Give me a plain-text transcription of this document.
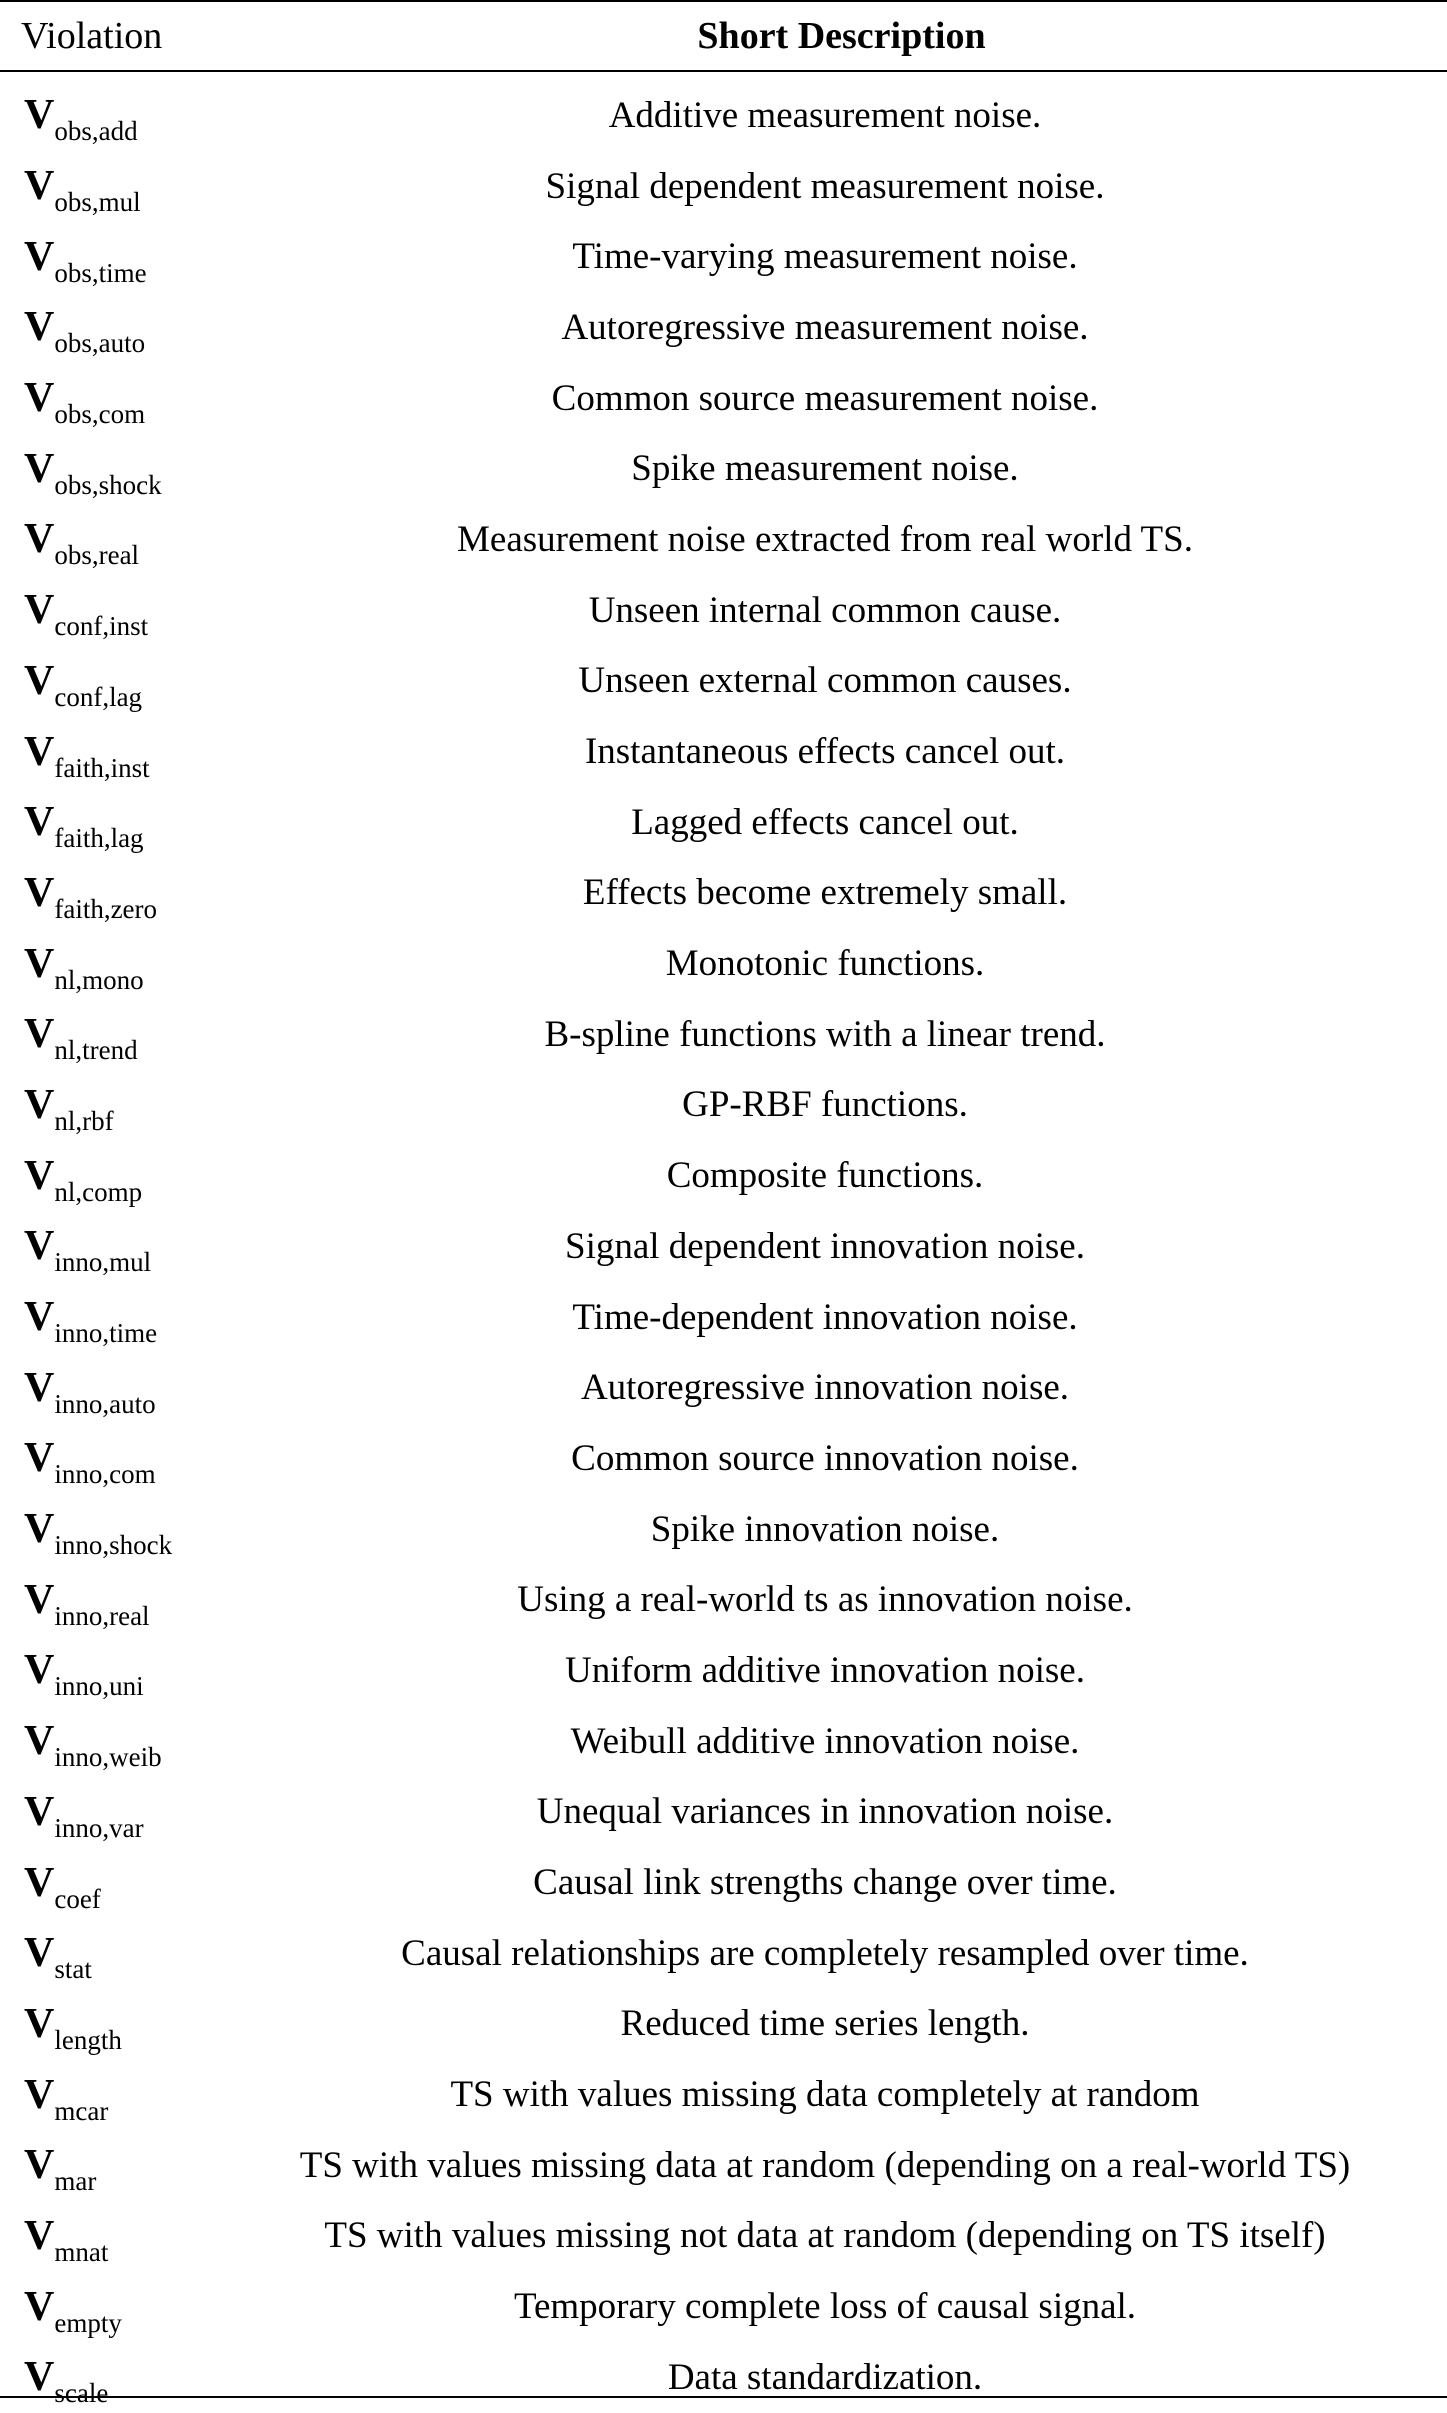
Violation	Short Description
$V_{obs,add}$	Additive measurement noise.
$V_{obs,mul}$	Signal dependent measurement noise.
$V_{obs,time}$	Time-varying measurement noise.
$V_{obs,auto}$	Autoregressive measurement noise.
$V_{obs,com}$	Common source measurement noise.
$V_{obs,shock}$	Spike measurement noise.
$V_{obs,real}$	Measurement noise extracted from real world TS.
$V_{conf,inst}$	Unseen internal common cause.
$V_{conf,lag}$	Unseen external common causes.
$V_{faith,inst}$	Instantaneous effects cancel out.
$V_{faith,lag}$	Lagged effects cancel out.
$V_{faith,zero}$	Effects become extremely small.
$V_{nl,mono}$	Monotonic functions.
$V_{nl,trend}$	B-spline functions with a linear trend.
$V_{nl,rbf}$	GP-RBF functions.
$V_{nl,comp}$	Composite functions.
$V_{inno,mul}$	Signal dependent innovation noise.
$V_{inno,time}$	Time-dependent innovation noise.
$V_{inno,auto}$	Autoregressive innovation noise.
$V_{inno,com}$	Common source innovation noise.
$V_{inno,shock}$	Spike innovation noise.
$V_{inno,real}$	Using a real-world ts as innovation noise.
$V_{inno,uni}$	Uniform additive innovation noise.
$V_{inno,weib}$	Weibull additive innovation noise.
$V_{inno,var}$	Unequal variances in innovation noise.
$V_{coef}$	Causal link strengths change over time.
$V_{stat}$	Causal relationships are completely resampled over time.
$V_{length}$	Reduced time series length.
$V_{mcar}$	TS with values missing data completely at random
$V_{mar}$	TS with values missing data at random (depending on a real-world TS)
$V_{mnat}$	TS with values missing not data at random (depending on TS itself)
$V_{empty}$	Temporary complete loss of causal signal.
$V_{scale}$	Data standardization.
